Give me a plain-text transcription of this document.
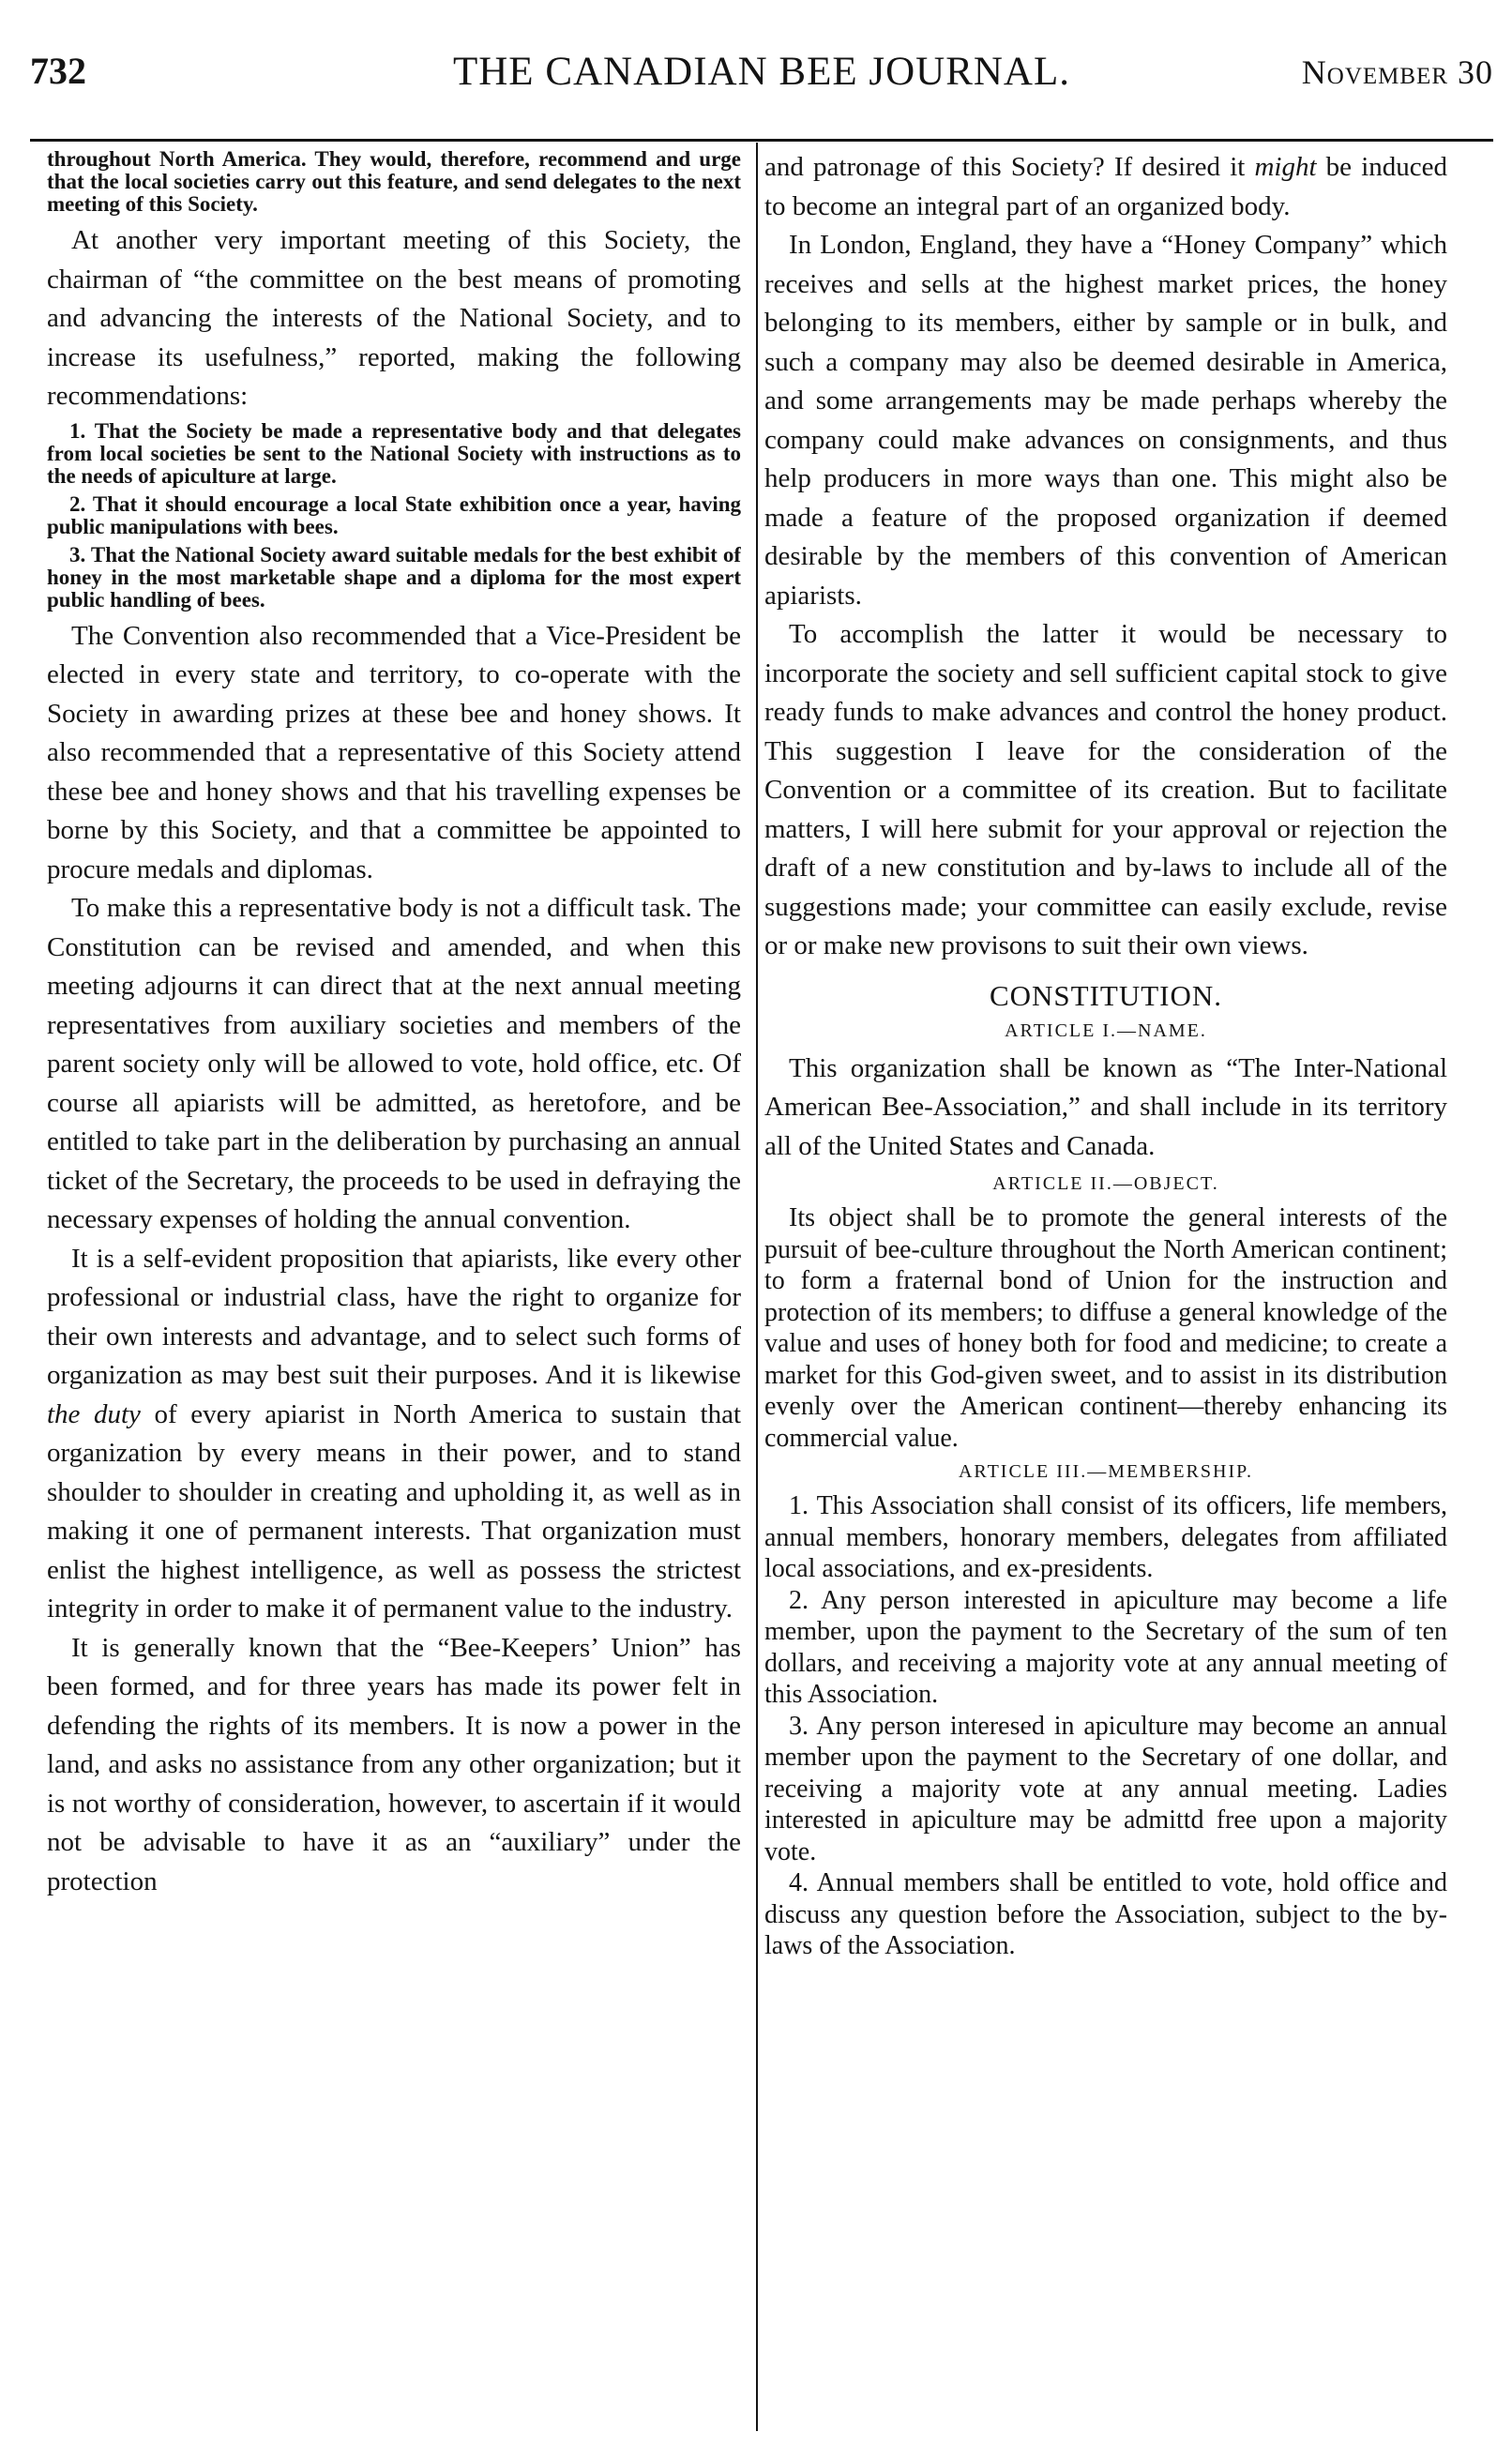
732	THE CANADIAN BEE JOURNAL.	November 30

throughout North America. They would, therefore, recommend and urge that the local societies carry out this feature, and send delegates to the next meeting of this Society.

At another very important meeting of this Society, the chairman of “the committee on the best means of promoting and advancing the interests of the National Society, and to increase its usefulness,” reported, making the following recommendations:

1. That the Society be made a representative body and that delegates from local societies be sent to the National Society with instructions as to the needs of apiculture at large.

2. That it should encourage a local State exhibition once a year, having public manipulations with bees.

3. That the National Society award suitable medals for the best exhibit of honey in the most marketable shape and a diploma for the most expert public handling of bees.

The Convention also recommended that a Vice-President be elected in every state and territory, to co-operate with the Society in awarding prizes at these bee and honey shows. It also recommended that a representative of this Society attend these bee and honey shows and that his travelling expenses be borne by this Society, and that a committee be appointed to procure medals and diplomas.

To make this a representative body is not a difficult task. The Constitution can be revised and amended, and when this meeting adjourns it can direct that at the next annual meeting representatives from auxiliary societies and members of the parent society only will be allowed to vote, hold office, etc. Of course all apiarists will be admitted, as heretofore, and be entitled to take part in the deliberation by purchasing an annual ticket of the Secretary, the proceeds to be used in defraying the necessary expenses of holding the annual convention.

It is a self-evident proposition that apiarists, like every other professional or industrial class, have the right to organize for their own interests and advantage, and to select such forms of organization as may best suit their purposes. And it is likewise the duty of every apiarist in North America to sustain that organization by every means in their power, and to stand shoulder to shoulder in creating and upholding it, as well as in making it one of permanent interests. That organization must enlist the highest intelligence, as well as possess the strictest integrity in order to make it of permanent value to the industry.

It is generally known that the “Bee-Keepers’ Union” has been formed, and for three years has made its power felt in defending the rights of its members. It is now a power in the land, and asks no assistance from any other organization; but it is not worthy of consideration, however, to ascertain if it would not be advisable to have it as an “auxiliary” under the protection

and patronage of this Society? If desired it might be induced to become an integral part of an organized body.

In London, England, they have a “Honey Company” which receives and sells at the highest market prices, the honey belonging to its members, either by sample or in bulk, and such a company may also be deemed desirable in America, and some arrangements may be made perhaps whereby the company could make advances on consignments, and thus help producers in more ways than one. This might also be made a feature of the proposed organization if deemed desirable by the members of this convention of American apiarists.

To accomplish the latter it would be necessary to incorporate the society and sell sufficient capital stock to give ready funds to make advances and control the honey product. This suggestion I leave for the consideration of the Convention or a committee of its creation. But to facilitate matters, I will here submit for your approval or rejection the draft of a new constitution and by-laws to include all of the suggestions made; your committee can easily exclude, revise or or make new provisons to suit their own views.

CONSTITUTION.
ARTICLE I.—NAME.

This organization shall be known as “The Inter-National American Bee-Association,” and shall include in its territory all of the United States and Canada.

ARTICLE II.—OBJECT.

Its object shall be to promote the general interests of the pursuit of bee-culture throughout the North American continent; to form a fraternal bond of Union for the instruction and protection of its members; to diffuse a general knowledge of the value and uses of honey both for food and medicine; to create a market for this God-given sweet, and to assist in its distribution evenly over the American continent—thereby enhancing its commercial value.

ARTICLE III.—MEMBERSHIP.

1. This Association shall consist of its officers, life members, annual members, honorary members, delegates from affiliated local associations, and ex-presidents.

2. Any person interested in apiculture may become a life member, upon the payment to the Secretary of the sum of ten dollars, and receiving a majority vote at any annual meeting of this Association.

3. Any person interesed in apiculture may become an annual member upon the payment to the Secretary of one dollar, and receiving a majority vote at any annual meeting. Ladies interested in apiculture may be admittd free upon a majority vote.

4. Annual members shall be entitled to vote, hold office and discuss any question before the Association, subject to the by-laws of the Association.
